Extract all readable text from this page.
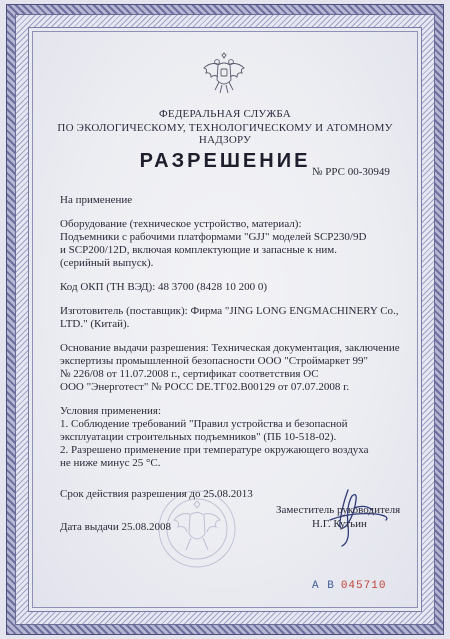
ФЕДЕРАЛЬНАЯ СЛУЖБА
ПО ЭКОЛОГИЧЕСКОМУ, ТЕХНОЛОГИЧЕСКОМУ И АТОМНОМУ НАДЗОРУ
РАЗРЕШЕНИЕ № РРС 00-30949
На применение
Оборудование (техническое устройство, материал):
Подъемники с рабочими платформами "GJJ" моделей SCP230/9D
и SCP200/12D, включая комплектующие и запасные к ним.
(серийный выпуск).
Код ОКП (ТН ВЭД): 48 3700 (8428 10 200 0)
Изготовитель (поставщик): Фирма "JING LONG ENGMACHINERY Co.,
LTD." (Китай).
Основание выдачи разрешения: Техническая документация, заключение
экспертизы промышленной безопасности ООО "Строймаркет 99"
№ 226/08 от 11.07.2008 г., сертификат соответствия ОС
ООО "Энерготест" № РОСС DE.ТГ02.В00129 от 07.07.2008 г.
Условия применения:
1. Соблюдение требований "Правил устройства и безопасной
эксплуатации строительных подъемников" (ПБ 10-518-02).
2. Разрешено применение при температуре окружающего воздуха
не ниже минус 25 °С.
Срок действия разрешения до 25.08.2013
Дата выдачи 25.08.2008
Заместитель руководителя
Н.Г. Кутьин
А В 045710
